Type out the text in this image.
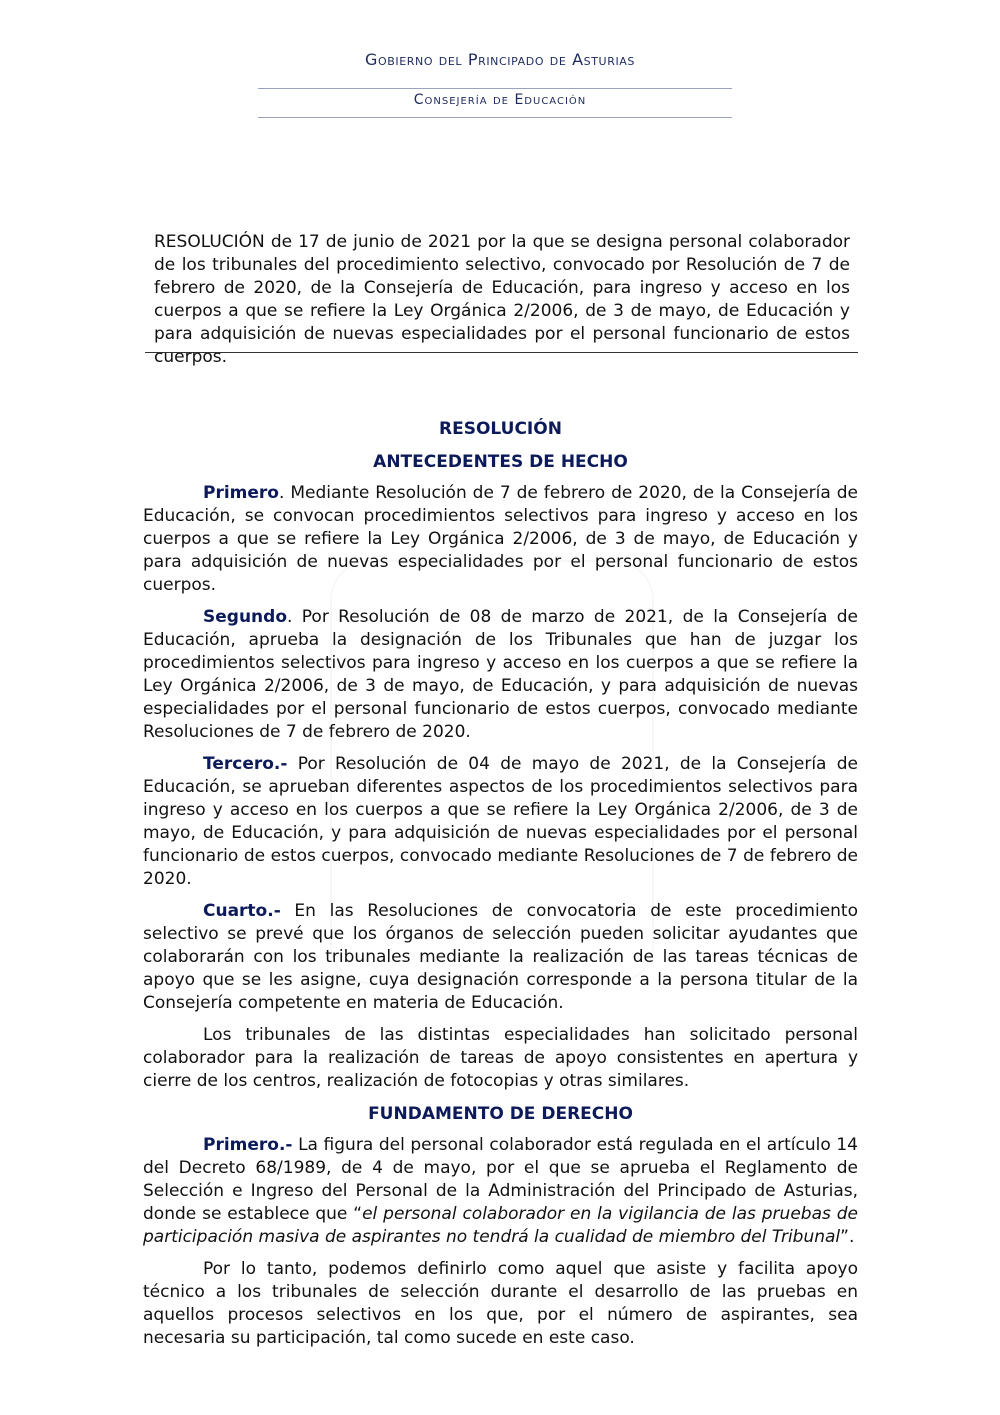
Gobierno del Principado de Asturias
Consejería de Educación
RESOLUCIÓN de 17 de junio de 2021 por la que se designa personal colaborador de los tribunales del procedimiento selectivo, convocado por Resolución de 7 de febrero de 2020, de la Consejería de Educación, para ingreso y acceso en los cuerpos a que se refiere la Ley Orgánica 2/2006, de 3 de mayo, de Educación y para adquisición de nuevas especialidades por el personal funcionario de estos cuerpos.
RESOLUCIÓN
ANTECEDENTES DE HECHO

Primero. Mediante Resolución de 7 de febrero de 2020, de la Consejería de Educación, se convocan procedimientos selectivos para ingreso y acceso en los cuerpos a que se refiere la Ley Orgánica 2/2006, de 3 de mayo, de Educación y para adquisición de nuevas especialidades por el personal funcionario de estos cuerpos.

Segundo. Por Resolución de 08 de marzo de 2021, de la Consejería de Educación, aprueba la designación de los Tribunales que han de juzgar los procedimientos selectivos para ingreso y acceso en los cuerpos a que se refiere la Ley Orgánica 2/2006, de 3 de mayo, de Educación, y para adquisición de nuevas especialidades por el personal funcionario de estos cuerpos, convocado mediante Resoluciones de 7 de febrero de 2020.

Tercero.- Por Resolución de 04 de mayo de 2021, de la Consejería de Educación, se aprueban diferentes aspectos de los procedimientos selectivos para ingreso y acceso en los cuerpos a que se refiere la Ley Orgánica 2/2006, de 3 de mayo, de Educación, y para adquisición de nuevas especialidades por el personal funcionario de estos cuerpos, convocado mediante Resoluciones de 7 de febrero de 2020.

Cuarto.- En las Resoluciones de convocatoria de este procedimiento selectivo se prevé que los órganos de selección pueden solicitar ayudantes que colaborarán con los tribunales mediante la realización de las tareas técnicas de apoyo que se les asigne, cuya designación corresponde a la persona titular de la Consejería competente en materia de Educación.

Los tribunales de las distintas especialidades han solicitado personal colaborador para la realización de tareas de apoyo consistentes en apertura y cierre de los centros, realización de fotocopias y otras similares.

FUNDAMENTO DE DERECHO

Primero.- La figura del personal colaborador está regulada en el artículo 14 del Decreto 68/1989, de 4 de mayo, por el que se aprueba el Reglamento de Selección e Ingreso del Personal de la Administración del Principado de Asturias, donde se establece que “el personal colaborador en la vigilancia de las pruebas de participación masiva de aspirantes no tendrá la cualidad de miembro del Tribunal”.

Por lo tanto, podemos definirlo como aquel que asiste y facilita apoyo técnico a los tribunales de selección durante el desarrollo de las pruebas en aquellos procesos selectivos en los que, por el número de aspirantes, sea necesaria su participación, tal como sucede en este caso.
